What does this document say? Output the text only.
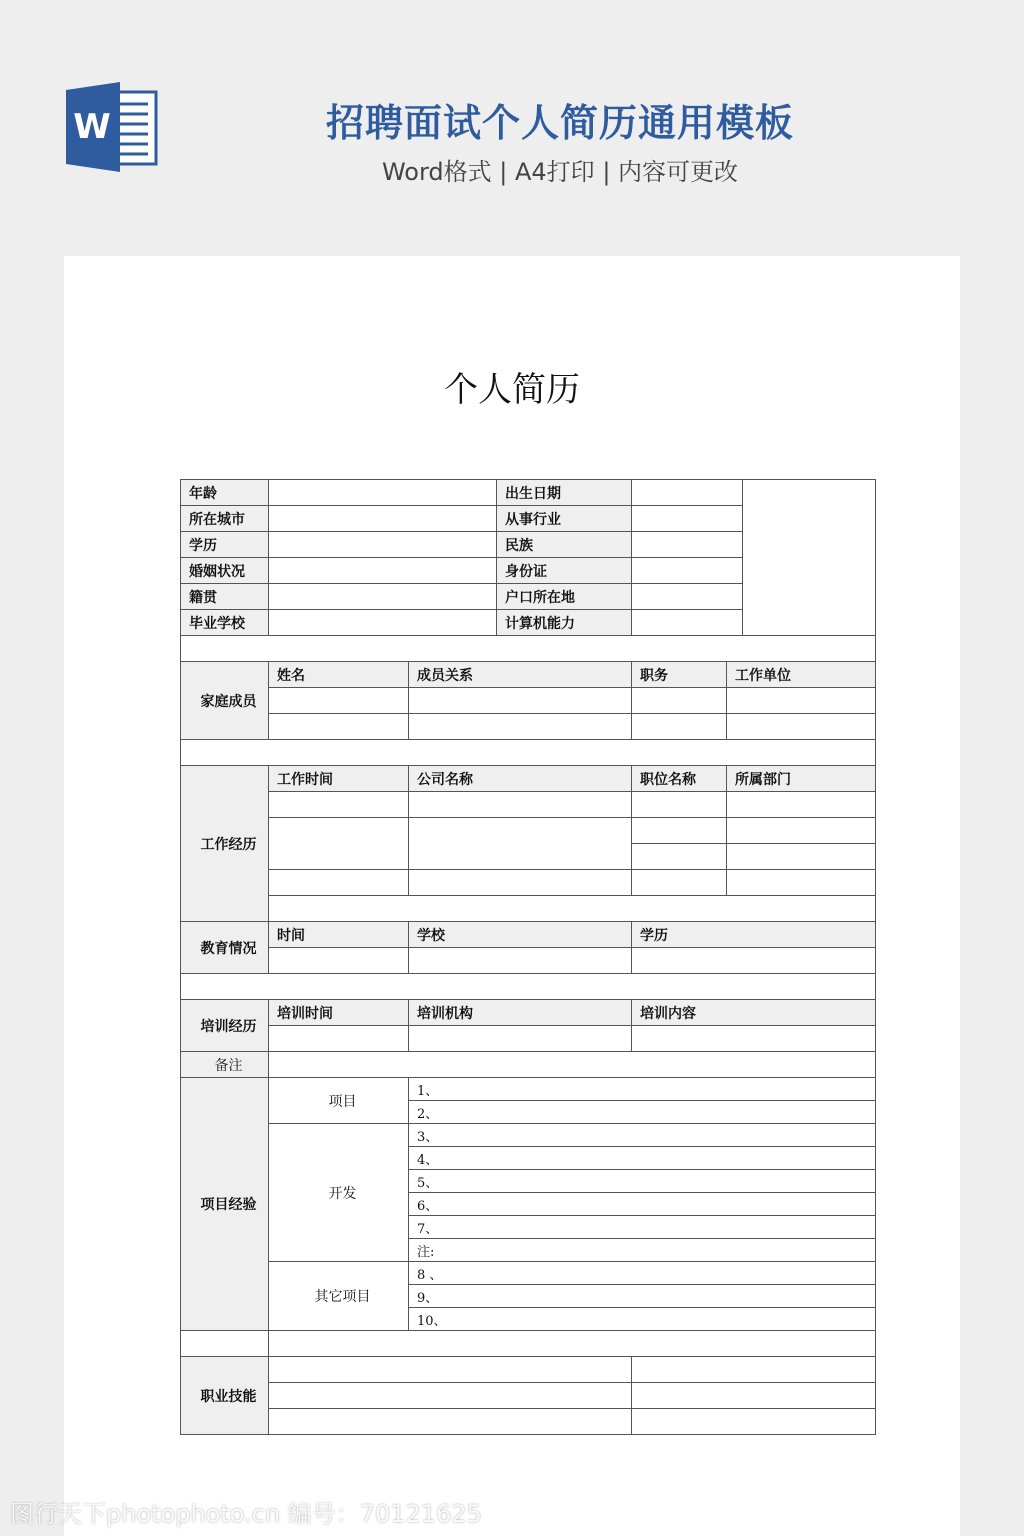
W	招聘面试个人简历通用模板
Word格式 | A4打印 | 内容可更改
个人简历
年龄			出生日期			
所在城市			从事行业			
学历			民族			
婚姻状况			身份证			
籍贯			户口所在地			
毕业学校			计算机能力			

家庭成员	姓名	成员关系		职务	工作单位	

工作经历	工作时间	公司名称		职位名称	所属部门	

教育情况	时间	学校		学历		

培训经历	培训时间	培训机构		培训内容		

备注						
项目经验	项目	1、				
		2、				
	开发	3、				
		4、				
		5、				
		6、				
		7、				
		注:				
	其它项目	8 、				
		9、				
		10、				

职业技能						

图行天下photophoto.cn 编号：70121625
